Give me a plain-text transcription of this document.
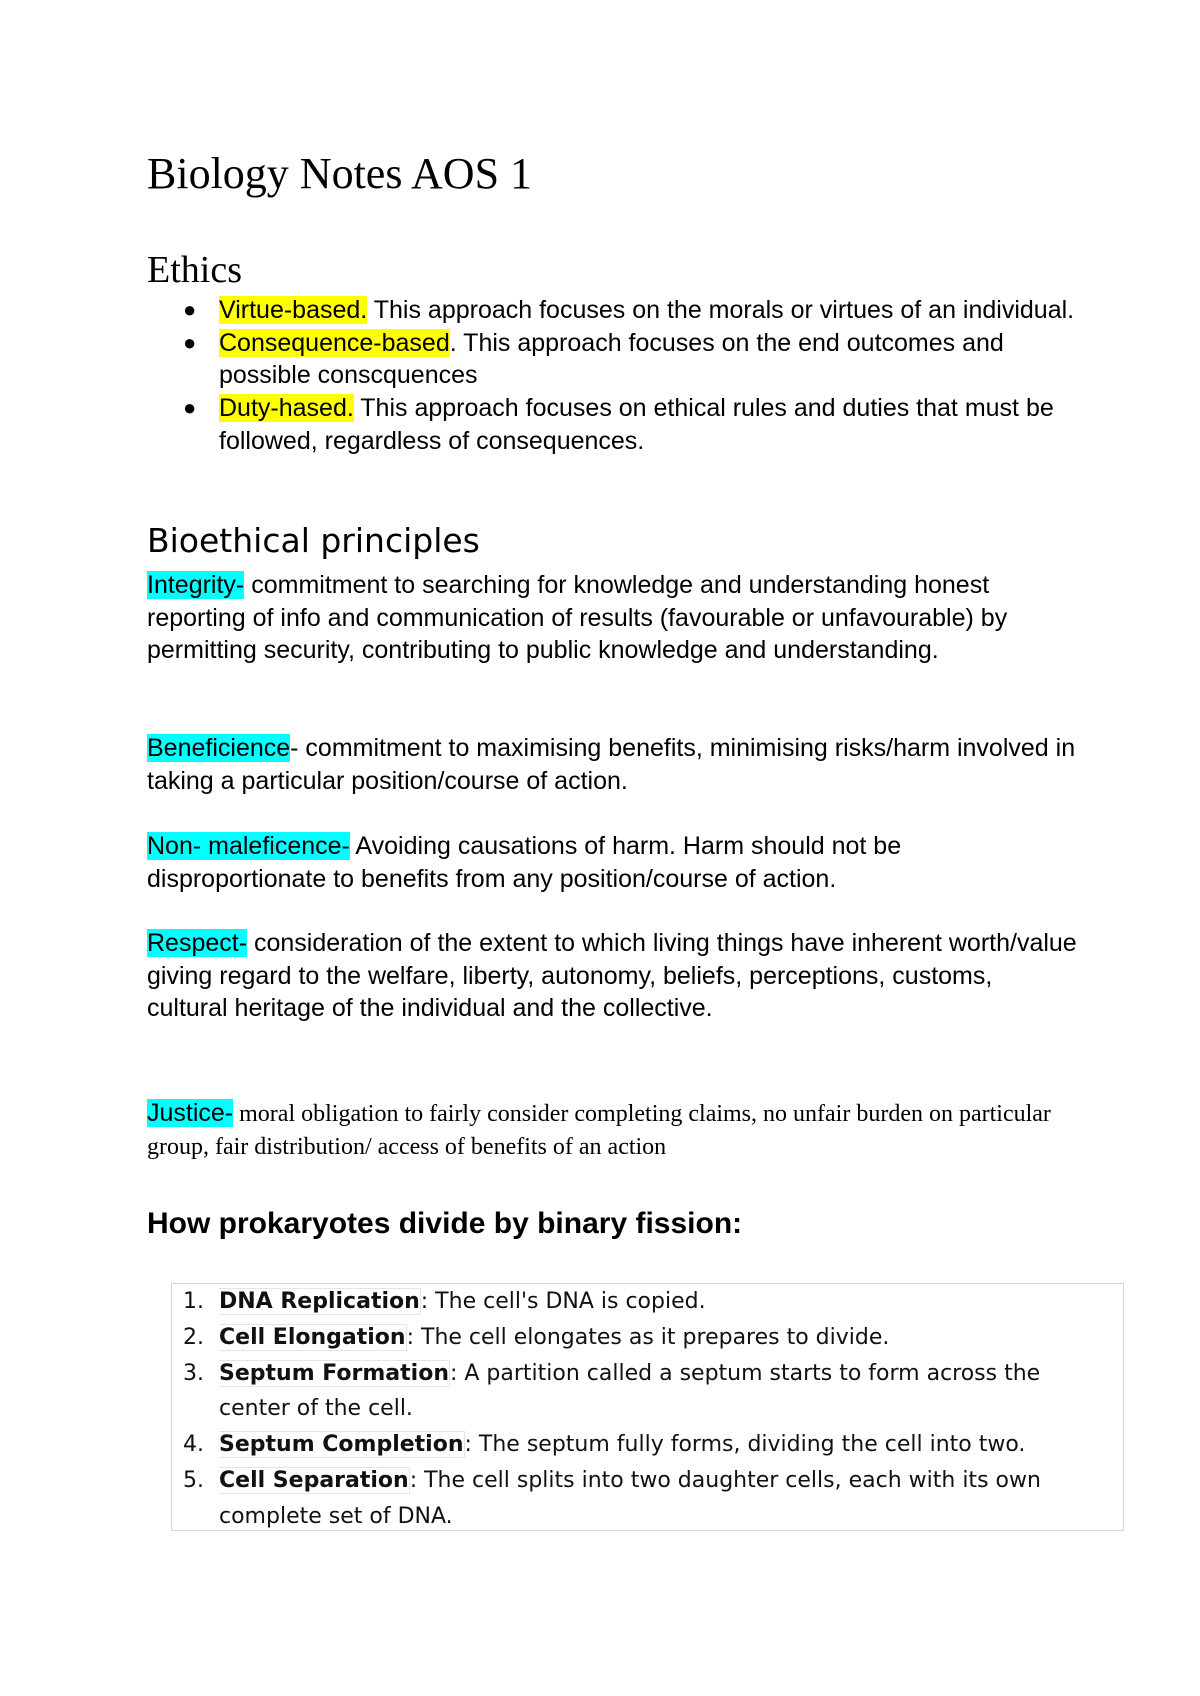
Biology Notes AOS 1
Ethics
● Virtue-based. This approach focuses on the morals or virtues of an individual.
● Consequence-based. This approach focuses on the end outcomes and possible conscquences
● Duty-hased. This approach focuses on ethical rules and duties that must be followed, regardless of consequences.
Bioethical principles

Integrity- commitment to searching for knowledge and understanding honest reporting of info and communication of results (favourable or unfavourable) by permitting security, contributing to public knowledge and understanding.

Beneficience- commitment to maximising benefits, minimising risks/harm involved in taking a particular position/course of action.

Non- maleficence- Avoiding causations of harm. Harm should not be disproportionate to benefits from any position/course of action.

Respect- consideration of the extent to which living things have inherent worth/value giving regard to the welfare, liberty, autonomy, beliefs, perceptions, customs, cultural heritage of the individual and the collective.

Justice- moral obligation to fairly consider completing claims, no unfair burden on particular group, fair distribution/ access of benefits of an action

How prokaryotes divide by binary fission:
1. DNA Replication: The cell's DNA is copied.
2. Cell Elongation: The cell elongates as it prepares to divide.
3. Septum Formation: A partition called a septum starts to form across the center of the cell.
4. Septum Completion: The septum fully forms, dividing the cell into two.
5. Cell Separation: The cell splits into two daughter cells, each with its own complete set of DNA.
